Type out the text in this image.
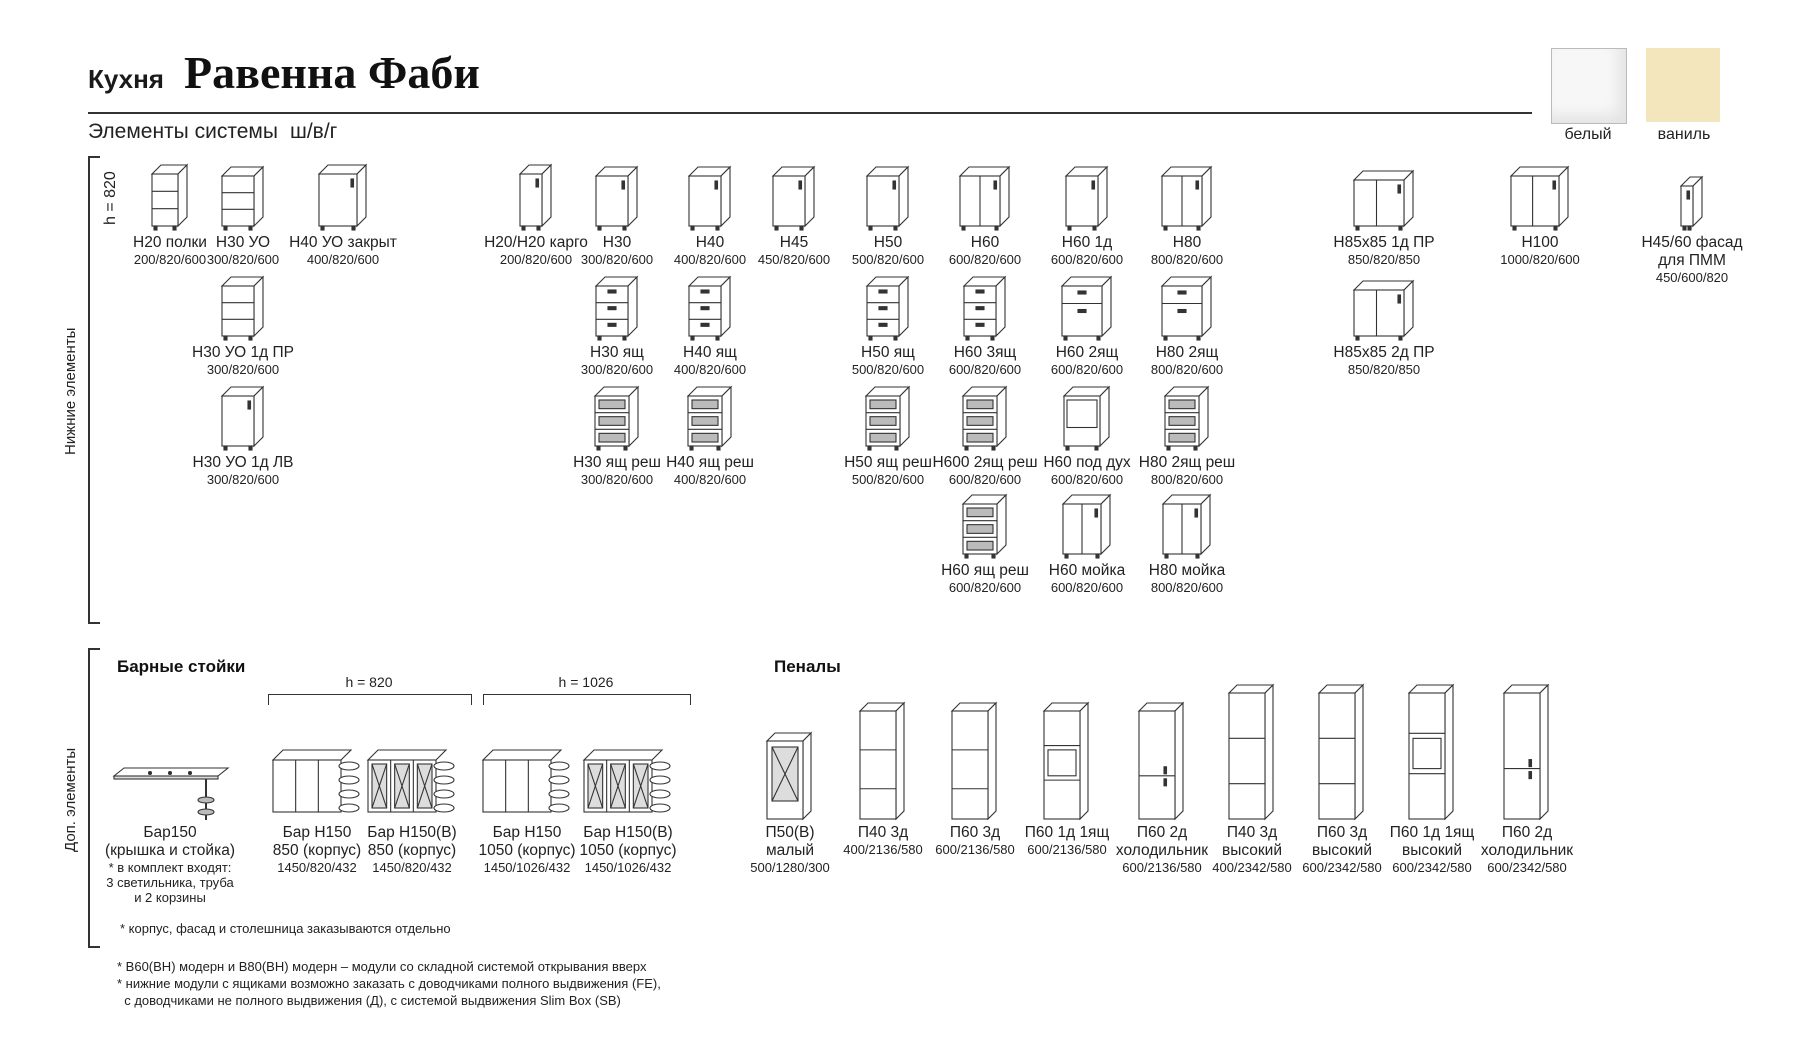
Кухня Равенна Фаби
Элементы системы ш/в/г	белый	ваниль
Нижние элементы
h = 820
Н20 полки
200/820/600
Н30 УО
300/820/600
Н40 УО закрыт
400/820/600
Н20/Н20 карго
200/820/600
Н30
300/820/600
Н40
400/820/600
Н45
450/820/600
Н50
500/820/600
Н60
600/820/600
Н60 1д
600/820/600
Н80
800/820/600
Н85х85 1д ПР
850/820/850
Н100
1000/820/600
Н45/60 фасад
для ПММ
450/600/820
Н30 УО 1д ПР
300/820/600
Н30 ящ
300/820/600
Н40 ящ
400/820/600
Н50 ящ
500/820/600
Н60 3ящ
600/820/600
Н60 2ящ
600/820/600
Н80 2ящ
800/820/600
Н85х85 2д ПР
850/820/850
Н30 УО 1д ЛВ
300/820/600
Н30 ящ реш
300/820/600
Н40 ящ реш
400/820/600
Н50 ящ реш
500/820/600
Н600 2ящ реш
600/820/600
Н60 под дух
600/820/600
Н80 2ящ реш
800/820/600
Н60 ящ реш
600/820/600
Н60 мойка
600/820/600
Н80 мойка
800/820/600
Доп. элементы
Барные стойки	Пеналы
h = 820	h = 1026
Бар150
(крышка и стойка)
* в комплект входят:
3 светильника, труба
и 2 корзины
Бар Н150
850 (корпус)
1450/820/432
Бар Н150(В)
850 (корпус)
1450/820/432
Бар Н150
1050 (корпус)
1450/1026/432
Бар Н150(В)
1050 (корпус)
1450/1026/432
П50(В)
малый
500/1280/300
П40 3д
400/2136/580
П60 3д
600/2136/580
П60 1д 1ящ
600/2136/580
П60 2д
холодильник
600/2136/580
П40 3д
высокий
400/2342/580
П60 3д
высокий
600/2342/580
П60 1д 1ящ
высокий
600/2342/580
П60 2д
холодильник
600/2342/580
* корпус, фасад и столешница заказываются отдельно
* В60(ВН) модерн и В80(ВН) модерн – модули со складной системой открывания вверх
* нижние модули с ящиками возможно заказать с доводчиками полного выдвижения (FE),
с доводчиками не полного выдвижения (Д), с системой выдвижения Slim Box (SB)
